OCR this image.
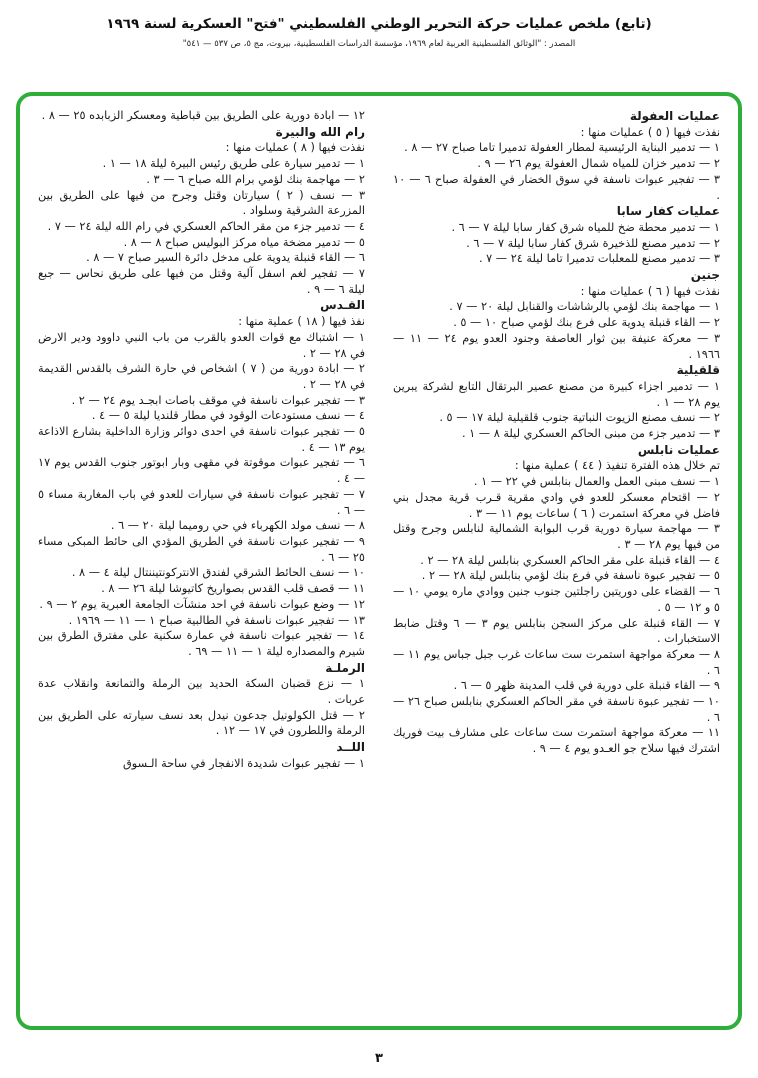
(تابع) ملخص عمليات حركة التحرير الوطني الفلسطيني "فتح" العسكرية لسنة ١٩٦٩
المصدر : "الوثائق الفلسطينية العربية لعام ١٩٦٩، مؤسسة الدراسات الفلسطينية، بيروت، مج ٥، ص ٥٣٧ — ٥٤١"
عمليات العفولة
نفذت فيها ( ٥ ) عمليات منها :
١ — تدمير البناية الرئيسية لمطار العفولة تدميرا تاما صباح ٢٧ — ٨ .
٢ — تدمير خزان للمياه شمال العفولة يوم ٢٦ — ٩ .
٣ — تفجير عبوات ناسفة في سوق الخضار في العفولة صباح ٦ — ١٠ .
عمليات كفار سابا
١ — تدمير محطة ضخ للمياه شرق كفار سابا ليلة ٧ — ٦ .
٢ — تدمير مصنع للذخيرة شرق كفار سابا ليلة ٧ — ٦ .
٣ — تدمير مصنع للمعلبات تدميرا تاما ليلة ٢٤ — ٧ .
جنين
نفذت فيها ( ٦ ) عمليات منها :
١ — مهاجمة بنك لؤمي بالرشاشات والقنابل ليلة ٢٠ — ٧ .
٢ — القاء قنبلة يدوية على فرع بنك لؤمي صباح ١٠ — ٥ .
٣ — معركة عنيفة بين ثوار العاصفة وجنود العدو يوم ٢٤ — ١١ — ١٩٦٦ .
قلقيلية
١ — تدمير اجزاء كبيرة من مصنع عصير البرتقال التابع لشركة يبرين يوم ٢٨ — ١ .
٢ — نسف مصنع الزيوت النباتية جنوب قلقيلية ليلة ١٧ — ٥ .
٣ — تدمير جزء من مبنى الحاكم العسكري ليلة ٨ — ١ .
عمليات نابلس
تم خلال هذه الفترة تنفيذ ( ٤٤ ) عملية منها :
١ — نسف مبنى العمل والعمال بنابلس في ٢٢ — ١ .
٢ — اقتحام معسكر للعدو في وادي مقرية قـرب قرية مجدل بني فاضل في معركة استمرت ( ٦ ) ساعات يوم ١١ — ٣ .
٣ — مهاجمة سيارة دورية قرب البوابة الشمالية لنابلس وجرح وقتل من فيها يوم ٢٨ — ٣ .
٤ — القاء قنبلة على مقر الحاكم العسكري بنابلس ليلة ٢٨ — ٢ .
٥ — تفجير عبوة ناسفة في فرع بنك لؤمي بنابلس ليلة ٢٨ — ٢ .
٦ — القضاء على دوريتين راجلتين جنوب جنين ووادي ماره يومي ١٠ — ٥ و ١٢ — ٥ .
٧ — القاء قنبلة على مركز السجن بنابلس يوم ٣ — ٦ وقتل ضابط الاستخبارات .
٨ — معركة مواجهة استمرت ست ساعات غرب جبل جباس يوم ١١ — ٦ .
٩ — القاء قنبلة على دورية في قلب المدينة ظهر ٥ — ٦ .
١٠ — تفجير عبوة ناسفة في مقر الحاكم العسكري بنابلس صباح ٢٦ — ٦ .
١١ — معركة مواجهة استمرت ست ساعات على مشارف بيت فوريك اشترك فيها سلاح جو العـدو يوم ٤ — ٩ .
١٢ — ابادة دورية على الطريق بين قباطية ومعسكر الزبابده ٢٥ — ٨ .
رام الله والبيرة
نفذت فيها ( ٨ ) عمليات منها :
١ — تدمير سيارة على طريق رئيس البيرة ليلة ١٨ — ١ .
٢ — مهاجمة بنك لؤمي برام الله صباح ٦ — ٣ .
٣ — نسف ( ٢ ) سيارتان وقتل وجرح من فيها على الطريق بين المزرعة الشرقية وسلواد .
٤ — تدمير جزء من مقر الحاكم العسكري في رام الله ليلة ٢٤ — ٧ .
٥ — تدمير مضخة مياه مركز البوليس صباح ٨ — ٨ .
٦ — القاء قنبلة يدوية على مدخل دائرة السير صباح ٧ — ٨ .
٧ — تفجير لغم اسفل آلية وقتل من فيها على طريق نحاس — جبع ليلة ٦ — ٩ .
القـدس
نفذ فيها ( ١٨ ) عملية منها :
١ — اشتباك مع قوات العدو بالقرب من باب النبي داوود ودير الارض في ٢٨ — ٢ .
٢ — ابادة دورية من ( ٧ ) اشخاص في حارة الشرف بالقدس القديمة في ٢٨ — ٢ .
٣ — تفجير عبوات ناسفة في موقف باصات ابجـد يوم ٢٤ — ٢ .
٤ — نسف مستودعات الوقود في مطار قلنديا ليلة ٥ — ٤ .
٥ — تفجير عبوات ناسفة في احدى دوائر وزارة الداخلية بشارع الاذاعة يوم ١٣ — ٤ .
٦ — تفجير عبوات موقوتة في مقهى وبار ابوتور جنوب القدس يوم ١٧ — ٤ .
٧ — تفجير عبوات ناسفة في سيارات للعدو في باب المغاربة مساء ٥ — ٦ .
٨ — نسف مولد الكهرباء في حي روميما ليلة ٢٠ — ٦ .
٩ — تفجير عبوات ناسفة في الطريق المؤدي الى حائط المبكى مساء ٢٥ — ٦ .
١٠ — نسف الحائط الشرقي لفندق الانتركونتيننتال ليلة ٤ — ٨ .
١١ — قصف قلب القدس بصواريخ كاتيوشا ليلة ٢٦ — ٨ .
١٢ — وضع عبوات ناسفة في احد منشآت الجامعة العبرية يوم ٢ — ٩ .
١٣ — تفجير عبوات ناسفة في الطالبية صباح ١ — ١١ — ١٩٦٩ .
١٤ — تفجير عبوات ناسفة في عمارة سكنية على مفترق الطرق بين شيرم والمصداره ليلة ١ — ١١ — ٦٩ .
الرملـة
١ — نزع قضبان السكة الحديد بين الرملة والتمانعة وانقلاب عدة عربات .
٢ — قتل الكولونيل جدعون نيدل بعد نسف سيارته على الطريق بين الرملة واللطرون في ١٧ — ١٢ .
اللــد
١ — تفجير عبوات شديدة الانفجار في ساحة الـسوق
٣
